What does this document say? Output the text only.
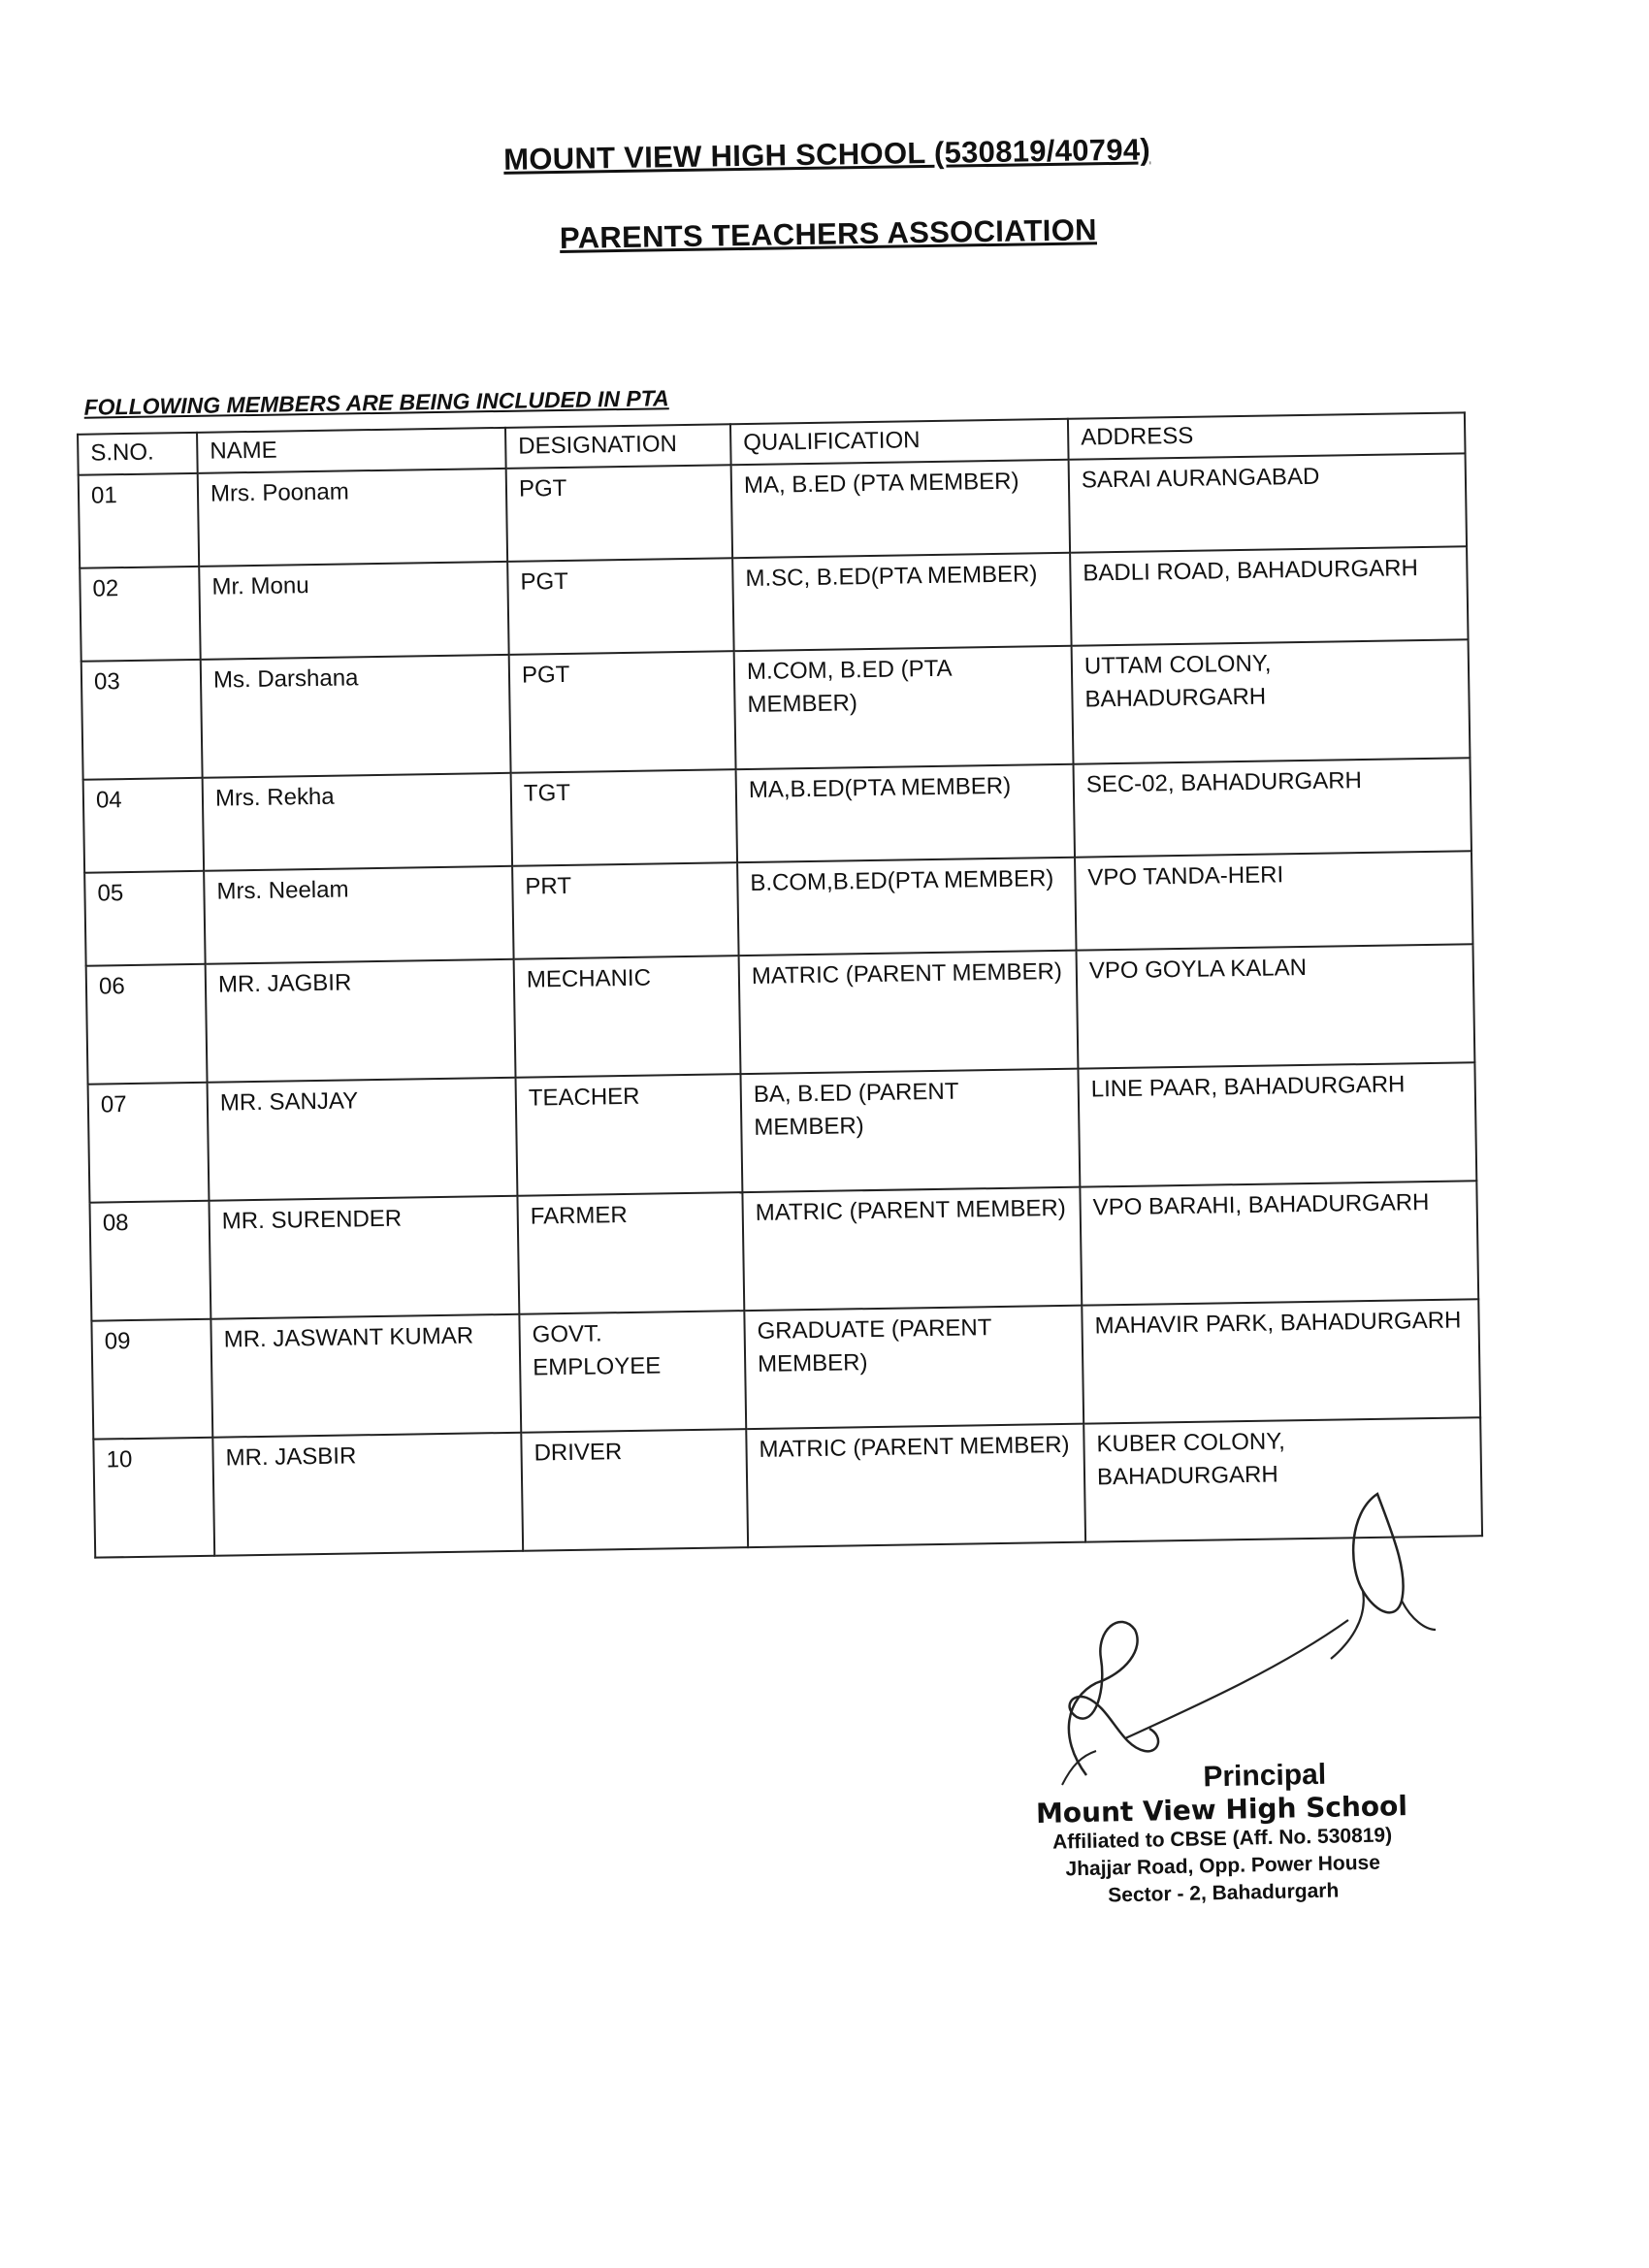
MOUNT VIEW HIGH SCHOOL (530819/40794)
PARENTS TEACHERS ASSOCIATION
FOLLOWING MEMBERS ARE BEING INCLUDED IN PTA
S.NO.	NAME	DESIGNATION	QUALIFICATION	ADDRESS
01	Mrs. Poonam	PGT	MA, B.ED (PTA MEMBER)	SARAI AURANGABAD
02	Mr. Monu	PGT	M.SC, B.ED(PTA MEMBER)	BADLI ROAD, BAHADURGARH
03	Ms. Darshana	PGT	M.COM, B.ED (PTA MEMBER)	UTTAM COLONY, BAHADURGARH
04	Mrs. Rekha	TGT	MA,B.ED(PTA MEMBER)	SEC-02, BAHADURGARH
05	Mrs. Neelam	PRT	B.COM,B.ED(PTA MEMBER)	VPO TANDA-HERI
06	MR. JAGBIR	MECHANIC	MATRIC (PARENT MEMBER)	VPO GOYLA KALAN
07	MR. SANJAY	TEACHER	BA, B.ED (PARENT MEMBER)	LINE PAAR, BAHADURGARH
08	MR. SURENDER	FARMER	MATRIC (PARENT MEMBER)	VPO BARAHI, BAHADURGARH
09	MR. JASWANT KUMAR	GOVT. EMPLOYEE	GRADUATE (PARENT MEMBER)	MAHAVIR PARK, BAHADURGARH
10	MR. JASBIR	DRIVER	MATRIC (PARENT MEMBER)	KUBER COLONY, BAHADURGARH
Principal
Mount View High School
Affiliated to CBSE (Aff. No. 530819)
Jhajjar Road, Opp. Power House
Sector - 2, Bahadurgarh
